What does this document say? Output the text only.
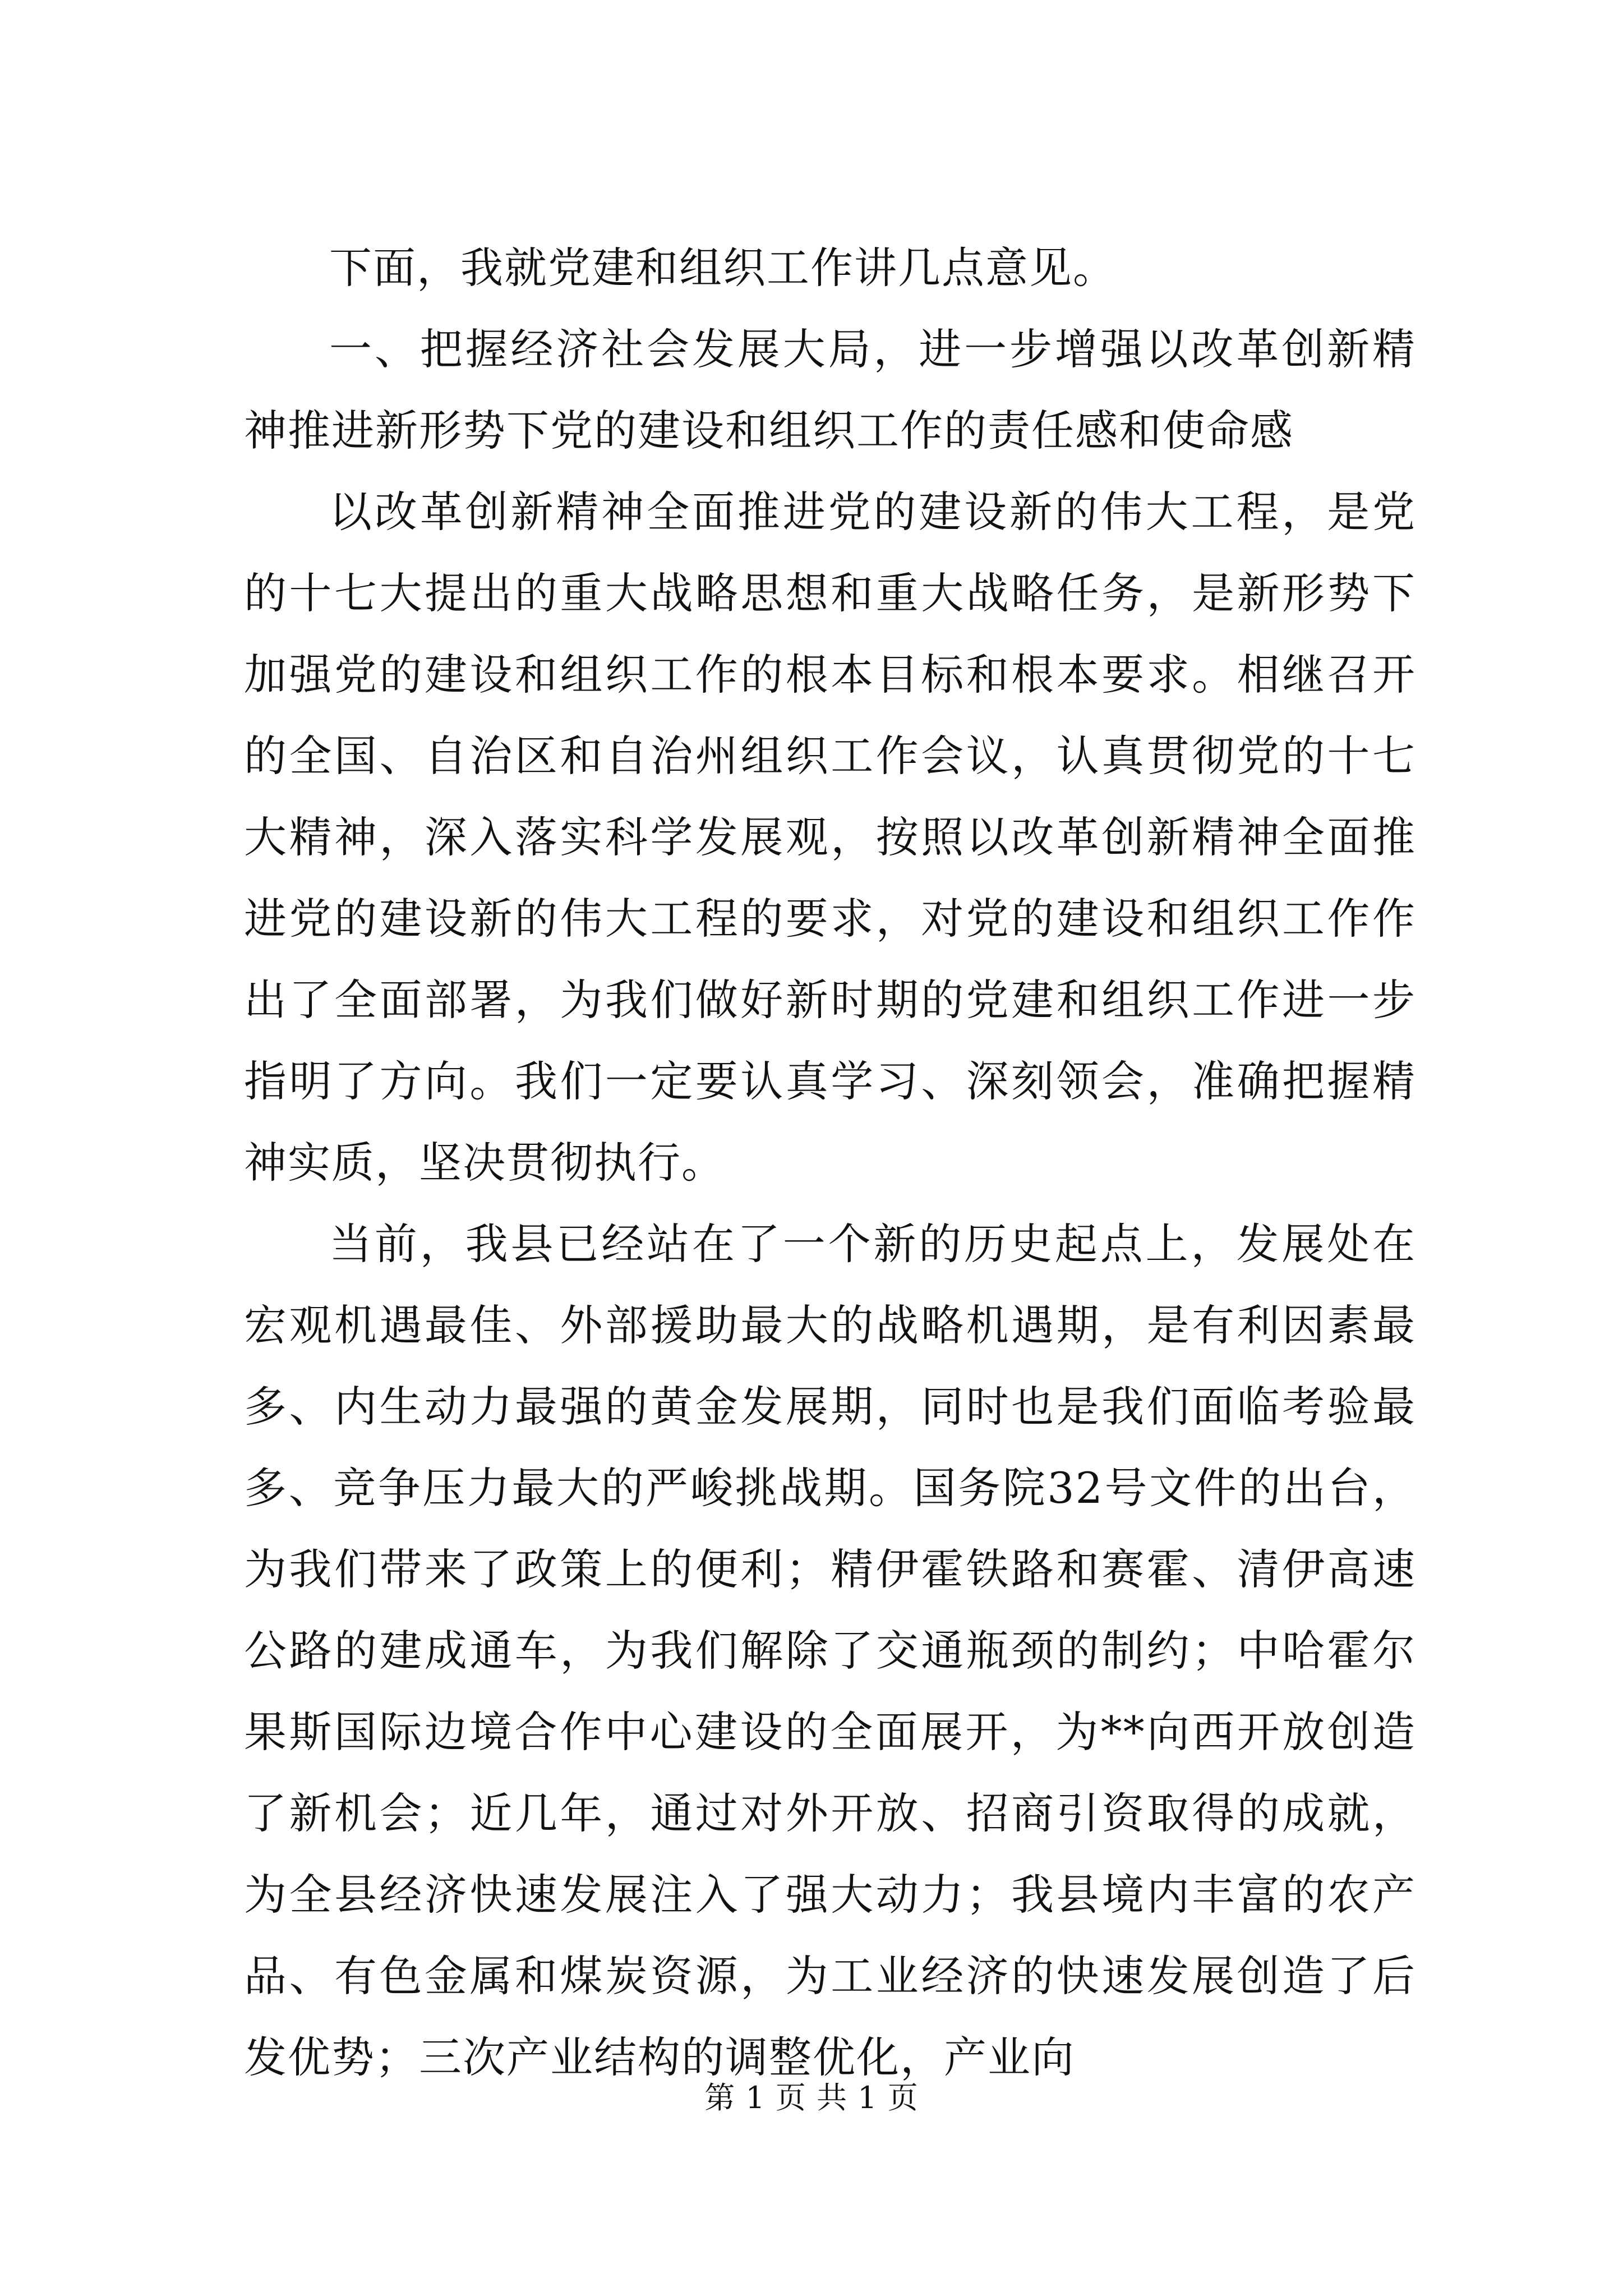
下面，我就党建和组织工作讲几点意见。

一、把握经济社会发展大局，进一步增强以改革创新精神推进新形势下党的建设和组织工作的责任感和使命感

以改革创新精神全面推进党的建设新的伟大工程，是党的十七大提出的重大战略思想和重大战略任务，是新形势下加强党的建设和组织工作的根本目标和根本要求。相继召开的全国、自治区和自治州组织工作会议，认真贯彻党的十七大精神，深入落实科学发展观，按照以改革创新精神全面推进党的建设新的伟大工程的要求，对党的建设和组织工作作出了全面部署，为我们做好新时期的党建和组织工作进一步指明了方向。我们一定要认真学习、深刻领会，准确把握精神实质，坚决贯彻执行。

当前，我县已经站在了一个新的历史起点上，发展处在宏观机遇最佳、外部援助最大的战略机遇期，是有利因素最多、内生动力最强的黄金发展期，同时也是我们面临考验最多、竞争压力最大的严峻挑战期。国务院32号文件的出台，为我们带来了政策上的便利；精伊霍铁路和赛霍、清伊高速公路的建成通车，为我们解除了交通瓶颈的制约；中哈霍尔果斯国际边境合作中心建设的全面展开，为**向西开放创造了新机会；近几年，通过对外开放、招商引资取得的成就，为全县经济快速发展注入了强大动力；我县境内丰富的农产品、有色金属和煤炭资源，为工业经济的快速发展创造了后发优势；三次产业结构的调整优化，产业向

第 1 页 共 1 页
